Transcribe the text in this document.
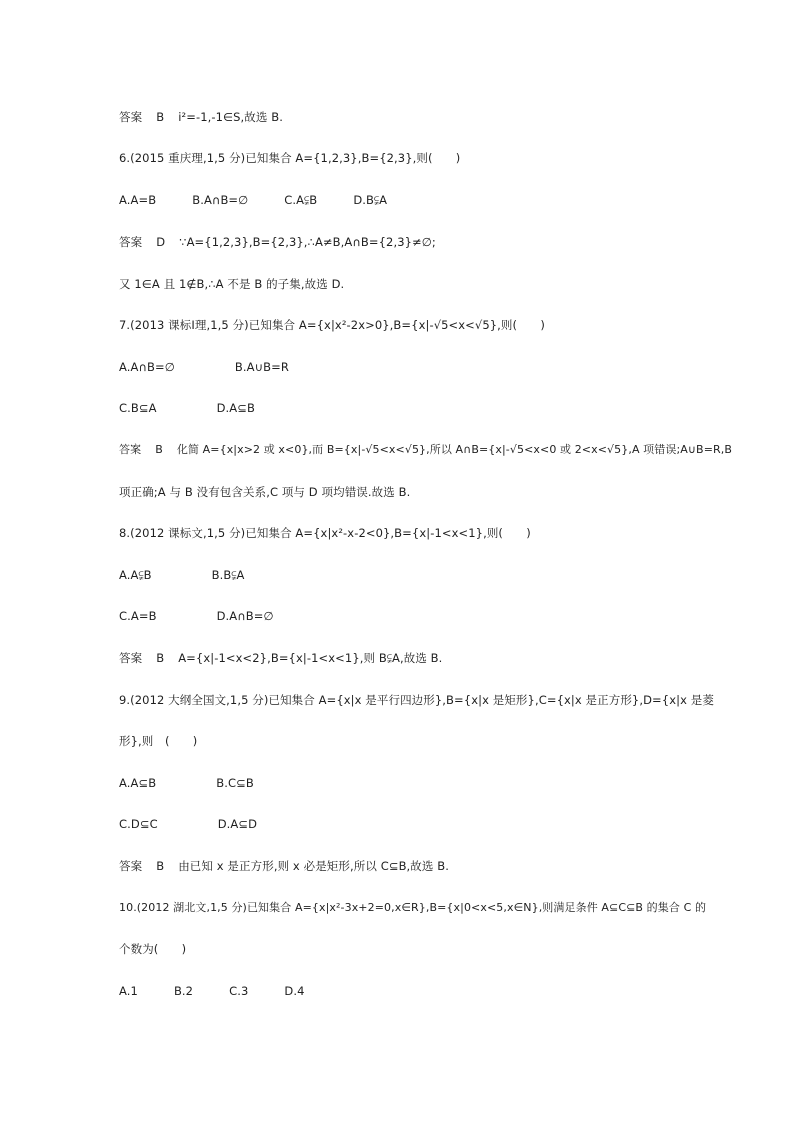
答案 B i²=-1,-1∈S,故选 B.
6.(2015 重庆理,1,5 分)已知集合 A={1,2,3},B={2,3},则(　　)
A.A=B	B.A∩B=∅	C.A⫋B	D.B⫋A
答案 D ∵A={1,2,3},B={2,3},∴A≠B,A∩B={2,3}≠∅;
又 1∈A 且 1∉B,∴A 不是 B 的子集,故选 D.
7.(2013 课标Ⅰ理,1,5 分)已知集合 A={x|x²-2x>0},B={x|-√5<x<√5},则(　　)
A.A∩B=∅	B.A∪B=R
C.B⊆A	D.A⊆B
答案 B 化简 A={x|x>2 或 x<0},而 B={x|-√5<x<√5},所以 A∩B={x|-√5<x<0 或 2<x<√5},A 项错误;A∪B=R,B
项正确;A 与 B 没有包含关系,C 项与 D 项均错误.故选 B.
8.(2012 课标文,1,5 分)已知集合 A={x|x²-x-2<0},B={x|-1<x<1},则(　　)
A.A⫋B	B.B⫋A
C.A=B	D.A∩B=∅
答案 B A={x|-1<x<2},B={x|-1<x<1},则 B⫋A,故选 B.
9.(2012 大纲全国文,1,5 分)已知集合 A={x|x 是平行四边形},B={x|x 是矩形},C={x|x 是正方形},D={x|x 是菱
形},则　(　　)
A.A⊆B	B.C⊆B
C.D⊆C	D.A⊆D
答案 B 由已知 x 是正方形,则 x 必是矩形,所以 C⊆B,故选 B.
10.(2012 湖北文,1,5 分)已知集合 A={x|x²-3x+2=0,x∈R},B={x|0<x<5,x∈N},则满足条件 A⊆C⊆B 的集合 C 的
个数为(　　)
A.1	B.2	C.3	D.4
